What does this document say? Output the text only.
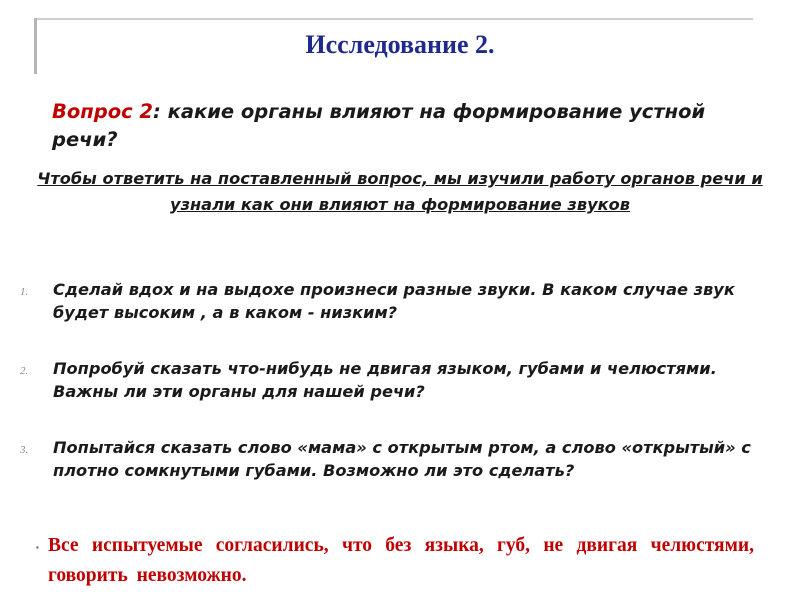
Исследование 2.
Вопрос 2: какие органы влияют на формирование устной речи?
Чтобы ответить на поставленный вопрос, мы изучили работу органов речи и узнали как они влияют на формирование звуков
1. Сделай вдох и на выдохе произнеси разные звуки. В каком случае звук будет высоким , а в каком - низким?
2. Попробуй сказать что-нибудь не двигая языком, губами и челюстями. Важны ли эти органы для нашей речи?
3. Попытайся сказать слово «мама» с открытым ртом, а слово «открытый» с плотно сомкнутыми губами. Возможно ли это сделать?
▪ Все испытуемые согласились, что без языка, губ, не двигая челюстями, говорить невозможно.
